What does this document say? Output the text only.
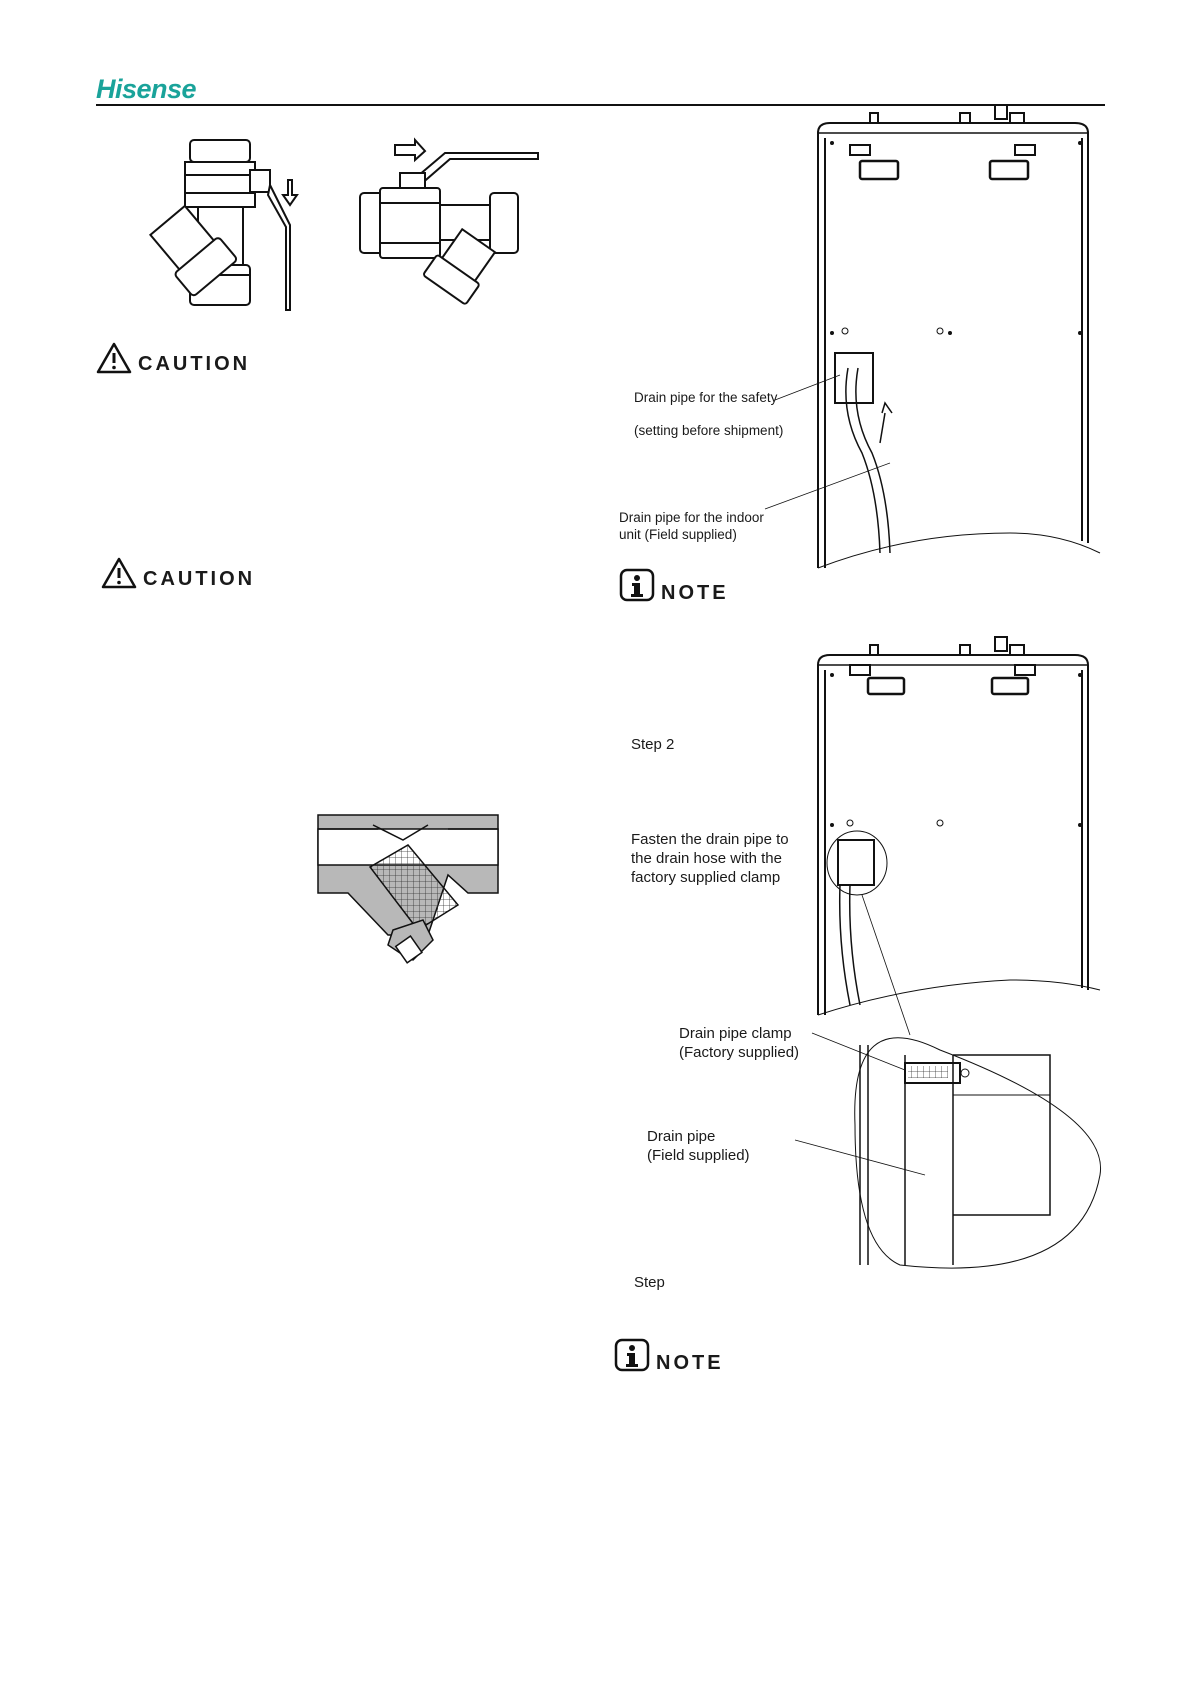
Hisense
CAUTION
CAUTION
Drain pipe for the safety
(setting before shipment)
Drain pipe for the indoor
unit (Field supplied)
NOTE
Step 2
Fasten the drain pipe to
the drain hose with the
factory supplied clamp
Drain pipe clamp
(Factory supplied)
Drain pipe
(Field supplied)
Step
NOTE
